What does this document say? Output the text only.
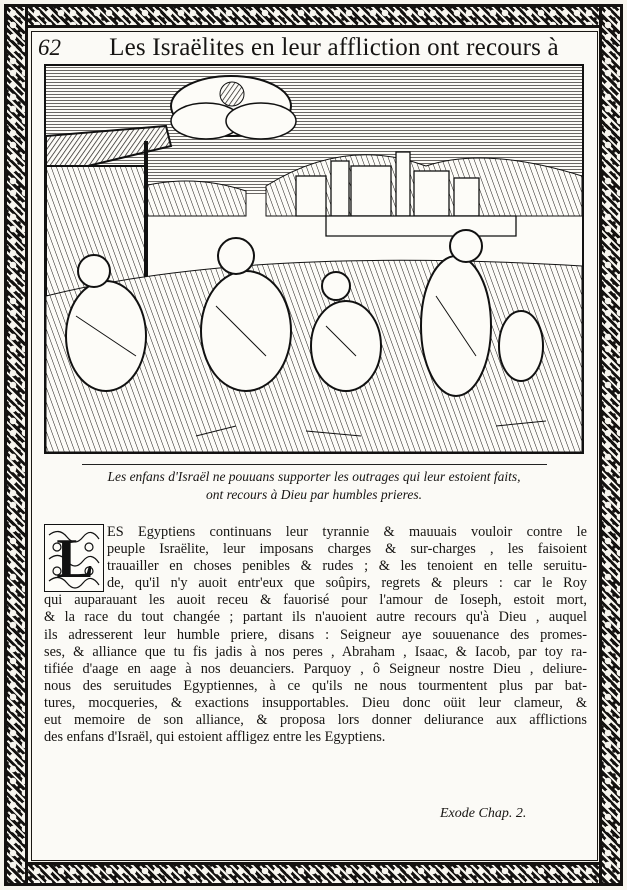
62	Les Israëlites en leur affliction ont recours à
Les enfans d'Israël ne pouuans supporter les outrages qui leur estoient faits,
ont recours à Dieu par humbles prieres.
L ES Egyptiens continuans leur tyrannie & mauuais vouloir contre le
peuple Israëlite, leur imposans charges & sur-charges , les faisoient
trauailler en choses penibles & rudes ; & les tenoient en telle seruitu-
de, qu'il n'y auoit entr'eux que soûpirs, regrets & pleurs : car le Roy
qui auparauant les auoit receu & fauorisé pour l'amour de Ioseph, estoit mort,
& la race du tout changée ; partant ils n'auoient autre recours qu'à Dieu , auquel
ils adresserent leur humble priere, disans : Seigneur aye souuenance des promes-
ses, & alliance que tu fis jadis à nos peres , Abraham , Isaac, & Iacob, par toy ra-
tifiée d'aage en aage à nos deuanciers. Parquoy , ô Seigneur nostre Dieu , deliure-
nous des seruitudes Egyptiennes, à ce qu'ils ne nous tourmentent plus par bat-
tures, mocqueries, & exactions insupportables. Dieu donc oüit leur clameur, &
eut memoire de son alliance, & proposa lors donner deliurance aux afflictions
des enfans d'Israël, qui estoient affligez entre les Egyptiens.
Exode Chap. 2.
